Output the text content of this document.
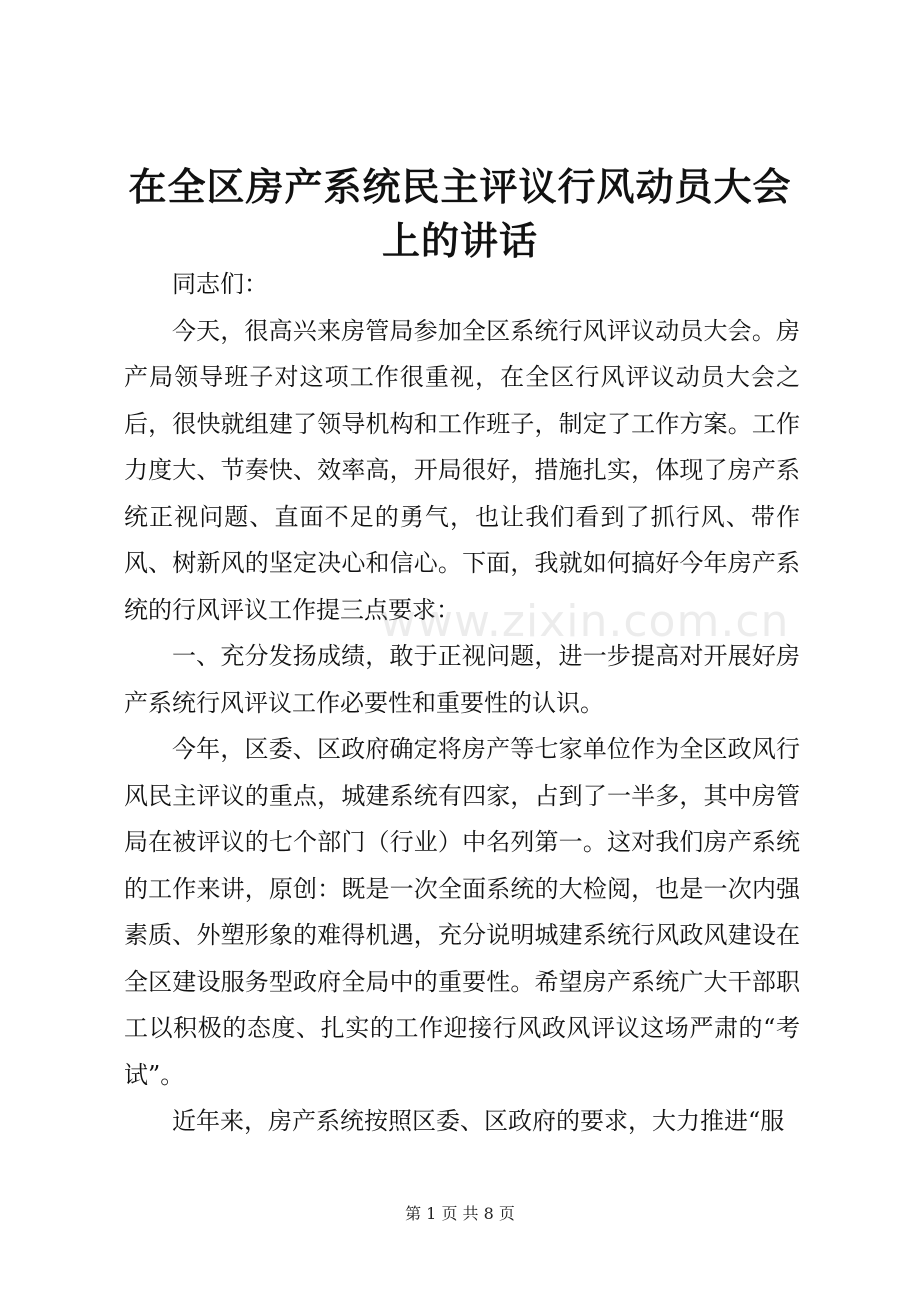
在全区房产系统民主评议行风动员大会上的讲话

同志们：

今天，很高兴来房管局参加全区系统行风评议动员大会。房产局领导班子对这项工作很重视，在全区行风评议动员大会之后，很快就组建了领导机构和工作班子，制定了工作方案。工作力度大、节奏快、效率高，开局很好，措施扎实，体现了房产系统正视问题、直面不足的勇气，也让我们看到了抓行风、带作风、树新风的坚定决心和信心。下面，我就如何搞好今年房产系统的行风评议工作提三点要求：

一、充分发扬成绩，敢于正视问题，进一步提高对开展好房产系统行风评议工作必要性和重要性的认识。

今年，区委、区政府确定将房产等七家单位作为全区政风行风民主评议的重点，城建系统有四家，占到了一半多，其中房管局在被评议的七个部门（行业）中名列第一。这对我们房产系统的工作来讲，原创：既是一次全面系统的大检阅，也是一次内强素质、外塑形象的难得机遇，充分说明城建系统行风政风建设在全区建设服务型政府全局中的重要性。希望房产系统广大干部职工以积极的态度、扎实的工作迎接行风政风评议这场严肃的“考试”。

近年来，房产系统按照区委、区政府的要求，大力推进“服

www.zixin.com.cn
第 1 页 共 8 页
